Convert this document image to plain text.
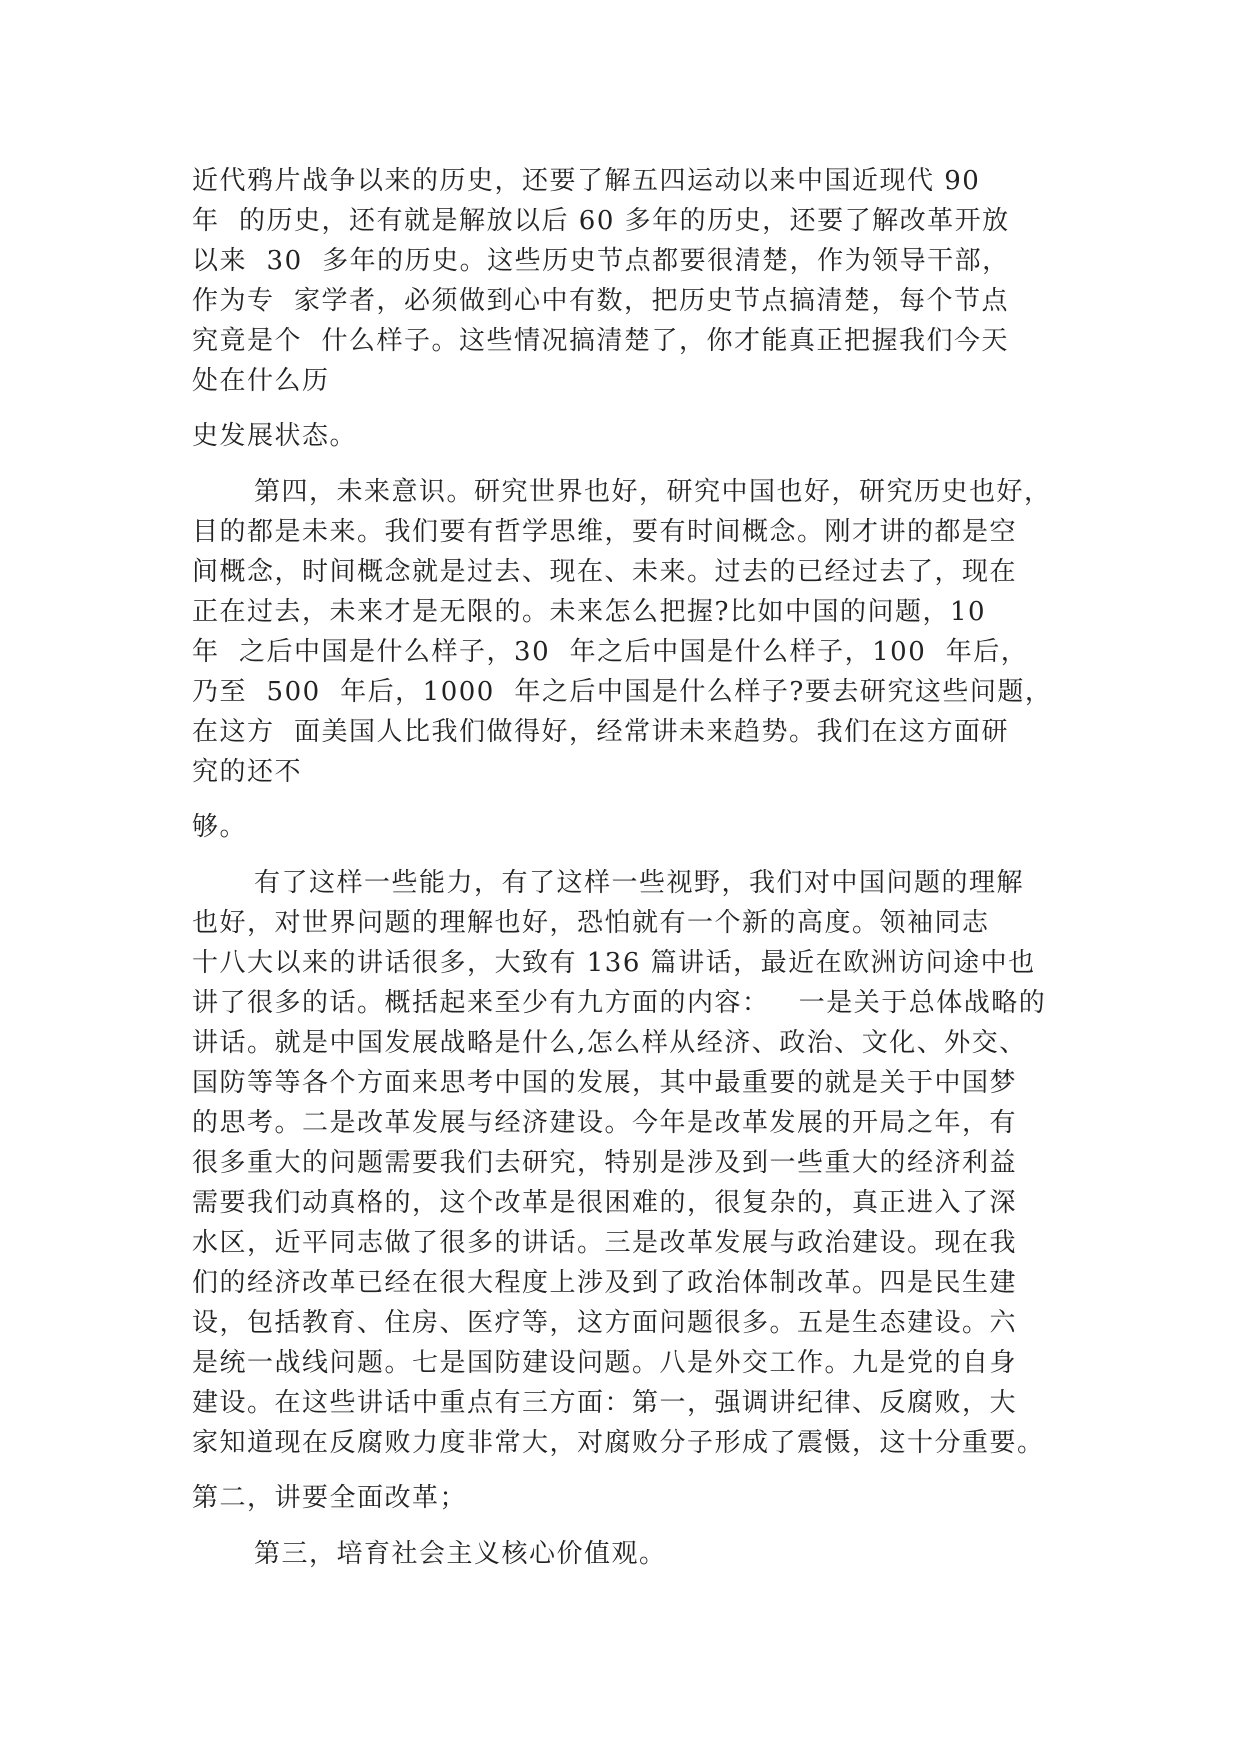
近代鸦片战争以来的历史，还要了解五四运动以来中国近现代 90

年  的历史，还有就是解放以后 60 多年的历史，还要了解改革开放

以来  30  多年的历史。这些历史节点都要很清楚，作为领导干部，

作为专  家学者，必须做到心中有数，把历史节点搞清楚，每个节点

究竟是个  什么样子。这些情况搞清楚了，你才能真正把握我们今天

处在什么历

史发展状态。

第四，未来意识。研究世界也好，研究中国也好，研究历史也好，

目的都是未来。我们要有哲学思维，要有时间概念。刚才讲的都是空

间概念，时间概念就是过去、现在、未来。过去的已经过去了，现在

正在过去，未来才是无限的。未来怎么把握?比如中国的问题，10

年  之后中国是什么样子，30  年之后中国是什么样子，100  年后，

乃至  500  年后，1000  年之后中国是什么样子?要去研究这些问题，

在这方  面美国人比我们做得好，经常讲未来趋势。我们在这方面研

究的还不

够。

有了这样一些能力，有了这样一些视野，我们对中国问题的理解

也好，对世界问题的理解也好，恐怕就有一个新的高度。领袖同志

十八大以来的讲话很多，大致有 136 篇讲话，最近在欧洲访问途中也

讲了很多的话。概括起来至少有九方面的内容：   一是关于总体战略的

讲话。就是中国发展战略是什么,怎么样从经济、政治、文化、外交、

国防等等各个方面来思考中国的发展，其中最重要的就是关于中国梦

的思考。二是改革发展与经济建设。今年是改革发展的开局之年，有

很多重大的问题需要我们去研究，特别是涉及到一些重大的经济利益

需要我们动真格的，这个改革是很困难的，很复杂的，真正进入了深

水区，近平同志做了很多的讲话。三是改革发展与政治建设。现在我

们的经济改革已经在很大程度上涉及到了政治体制改革。四是民生建

设，包括教育、住房、医疗等，这方面问题很多。五是生态建设。六

是统一战线问题。七是国防建设问题。八是外交工作。九是党的自身

建设。在这些讲话中重点有三方面：第一，强调讲纪律、反腐败，大

家知道现在反腐败力度非常大，对腐败分子形成了震慑，这十分重要。

第二，讲要全面改革；

第三，培育社会主义核心价值观。
